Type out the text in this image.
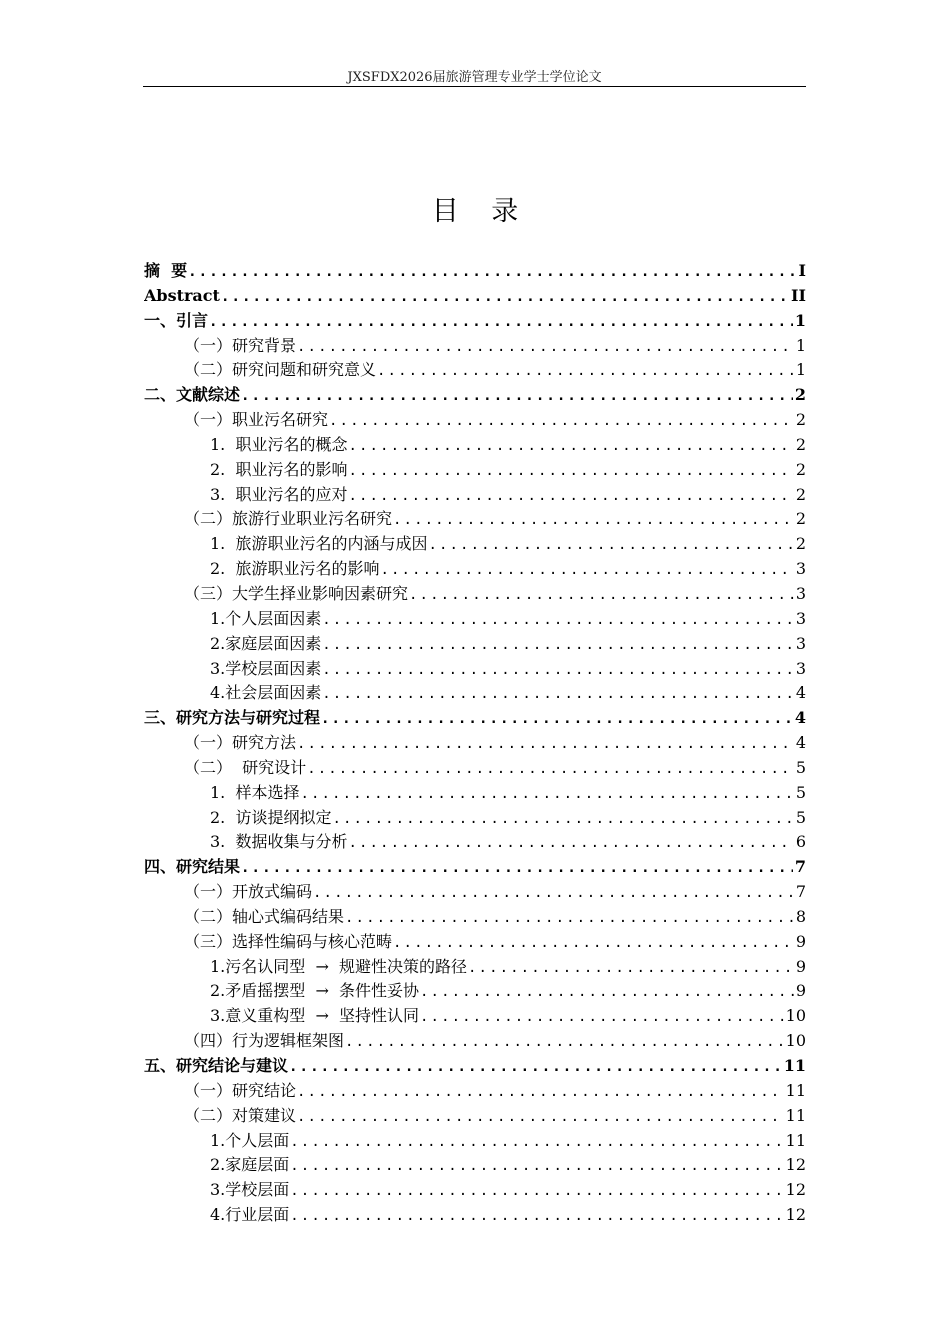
JXSFDX2026届旅游管理专业学士学位论文
目 录
摘  要 .....	I
Abstract .....	II
一、引言 .....	1
（一）研究背景 .....	1
（二）研究问题和研究意义 .....	1
二、文献综述 .....	2
（一）职业污名研究 .....	2
1.  职业污名的概念 .....	2
2.  职业污名的影响 .....	2
3.  职业污名的应对 .....	2
（二）旅游行业职业污名研究 .....	2
1.  旅游职业污名的内涵与成因 .....	2
2.  旅游职业污名的影响 .....	3
（三）大学生择业影响因素研究 .....	3
1.个人层面因素 .....	3
2.家庭层面因素 .....	3
3.学校层面因素 .....	3
4.社会层面因素 .....	4
三、研究方法与研究过程 .....	4
（一）研究方法 .....	4
（二）  研究设计 .....	5
1.  样本选择 .....	5
2.  访谈提纲拟定 .....	5
3.  数据收集与分析 .....	6
四、研究结果 .....	7
（一）开放式编码 .....	7
（二）轴心式编码结果 .....	8
（三）选择性编码与核心范畴 .....	9
1.污名认同型  →  规避性决策的路径 .....	9
2.矛盾摇摆型  →  条件性妥协 .....	9
3.意义重构型  →  坚持性认同 .....	10
（四）行为逻辑框架图 .....	10
五、研究结论与建议 .....	11
（一）研究结论 .....	11
（二）对策建议 .....	11
1.个人层面 .....	11
2.家庭层面 .....	12
3.学校层面 .....	12
4.行业层面 .....	12
